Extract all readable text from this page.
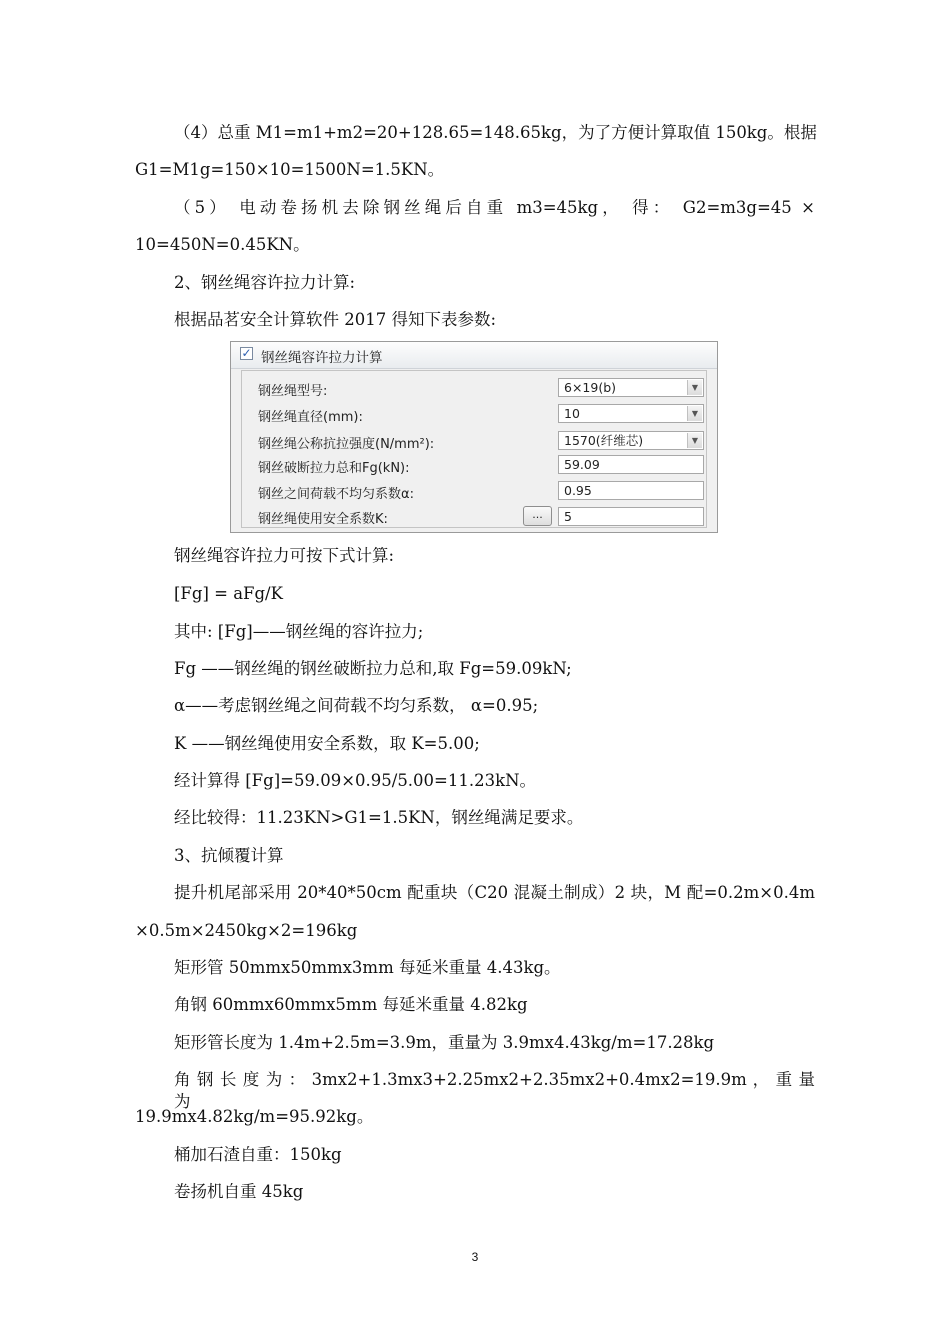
（4）总重 M1=m1+m2=20+128.65=148.65kg，为了方便计算取值 150kg。根据
G1=M1g=150×10=1500N=1.5KN。
（5） 电动卷扬机去除钢丝绳后自重 m3=45kg， 得： G2=m3g=45 ×
10=450N=0.45KN。
2、钢丝绳容许拉力计算:
根据品茗安全计算软件 2017 得知下表参数:
✓ 钢丝绳容许拉力计算
钢丝绳型号:	6×19(b)	▼
钢丝绳直径(mm):	10	▼
钢丝绳公称抗拉强度(N/mm²):	1570(纤维芯)	▼
钢丝破断拉力总和Fg(kN):	59.09
钢丝之间荷载不均匀系数α:	0.95
钢丝绳使用安全系数K:	...	5
钢丝绳容许拉力可按下式计算:
[Fg] = aFg/K
其中: [Fg]——钢丝绳的容许拉力;
Fg ——钢丝绳的钢丝破断拉力总和,取 Fg=59.09kN;
α——考虑钢丝绳之间荷载不均匀系数， α=0.95;
K ——钢丝绳使用安全系数，取 K=5.00;
经计算得 [Fg]=59.09×0.95/5.00=11.23kN。
经比较得：11.23KN>G1=1.5KN，钢丝绳满足要求。
3、抗倾覆计算
提升机尾部采用 20*40*50cm 配重块（C20 混凝土制成）2 块，M 配=0.2m×0.4m
×0.5m×2450kg×2=196kg
矩形管 50mmx50mmx3mm 每延米重量 4.43kg。
角钢 60mmx60mmx5mm 每延米重量 4.82kg
矩形管长度为 1.4m+2.5m=3.9m，重量为 3.9mx4.43kg/m=17.28kg
角 钢 长 度 为 ： 3mx2+1.3mx3+2.25mx2+2.35mx2+0.4mx2=19.9m ， 重 量 为
19.9mx4.82kg/m=95.92kg。
桶加石渣自重：150kg
卷扬机自重 45kg
3
